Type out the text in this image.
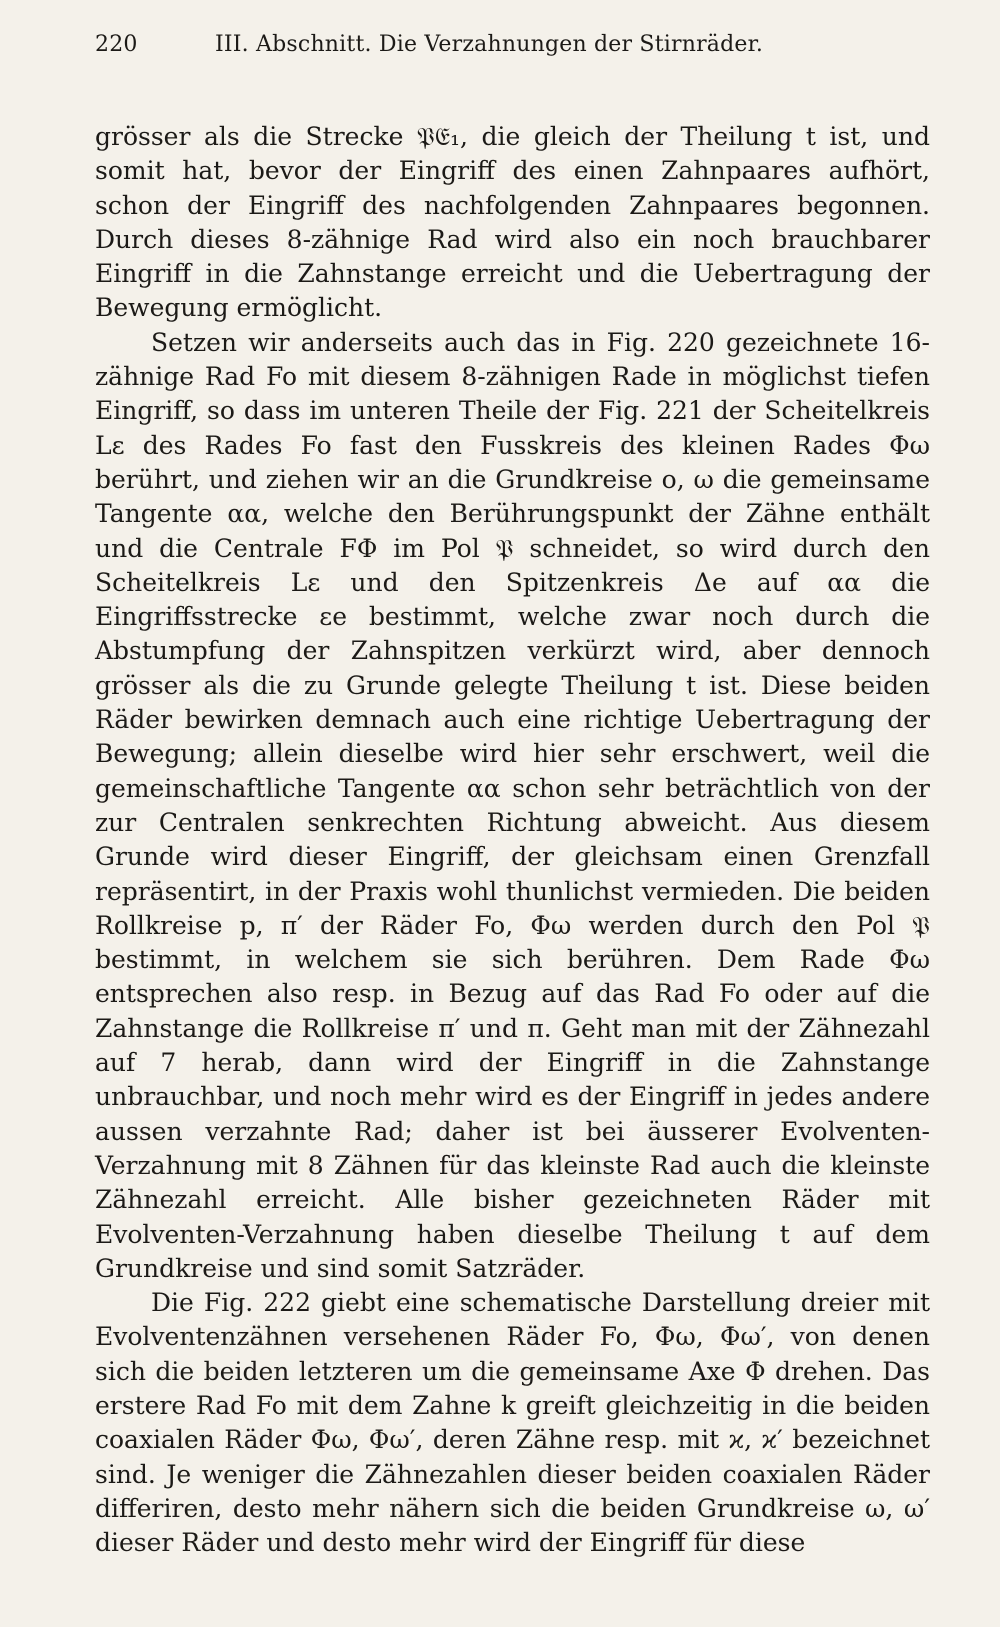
220	III. Abschnitt. Die Verzahnungen der Stirnräder.

grösser als die Strecke 𝔓𝔈₁, die gleich der Theilung t ist, und somit hat, bevor der Eingriff des einen Zahnpaares aufhört, schon der Eingriff des nachfolgenden Zahnpaares begonnen. Durch dieses 8-zähnige Rad wird also ein noch brauchbarer Eingriff in die Zahnstange erreicht und die Uebertragung der Bewegung ermöglicht.

Setzen wir anderseits auch das in Fig. 220 gezeichnete 16-zähnige Rad Fo mit diesem 8-zähnigen Rade in möglichst tiefen Eingriff, so dass im unteren Theile der Fig. 221 der Scheitelkreis Lε des Rades Fo fast den Fusskreis des kleinen Rades Φω berührt, und ziehen wir an die Grundkreise o, ω die gemeinsame Tangente αα, welche den Berührungspunkt der Zähne enthält und die Centrale FΦ im Pol 𝔓 schneidet, so wird durch den Scheitelkreis Lε und den Spitzenkreis Δe auf αα die Eingriffsstrecke εe bestimmt, welche zwar noch durch die Abstumpfung der Zahnspitzen verkürzt wird, aber dennoch grösser als die zu Grunde gelegte Theilung t ist. Diese beiden Räder bewirken demnach auch eine richtige Uebertragung der Bewegung; allein dieselbe wird hier sehr erschwert, weil die gemeinschaftliche Tangente αα schon sehr beträchtlich von der zur Centralen senkrechten Richtung abweicht. Aus diesem Grunde wird dieser Eingriff, der gleichsam einen Grenzfall repräsentirt, in der Praxis wohl thunlichst vermieden. Die beiden Rollkreise p, π′ der Räder Fo, Φω werden durch den Pol 𝔓 bestimmt, in welchem sie sich berühren. Dem Rade Φω entsprechen also resp. in Bezug auf das Rad Fo oder auf die Zahnstange die Rollkreise π′ und π. Geht man mit der Zähnezahl auf 7 herab, dann wird der Eingriff in die Zahnstange unbrauchbar, und noch mehr wird es der Eingriff in jedes andere aussen verzahnte Rad; daher ist bei äusserer Evolventen-Verzahnung mit 8 Zähnen für das kleinste Rad auch die kleinste Zähnezahl erreicht. Alle bisher gezeichneten Räder mit Evolventen-Verzahnung haben dieselbe Theilung t auf dem Grundkreise und sind somit Satzräder.

Die Fig. 222 giebt eine schematische Darstellung dreier mit Evolventenzähnen versehenen Räder Fo, Φω, Φω′, von denen sich die beiden letzteren um die gemeinsame Axe Φ drehen. Das erstere Rad Fo mit dem Zahne k greift gleichzeitig in die beiden coaxialen Räder Φω, Φω′, deren Zähne resp. mit ϰ, ϰ′ bezeichnet sind. Je weniger die Zähnezahlen dieser beiden coaxialen Räder differiren, desto mehr nähern sich die beiden Grundkreise ω, ω′ dieser Räder und desto mehr wird der Eingriff für diese
